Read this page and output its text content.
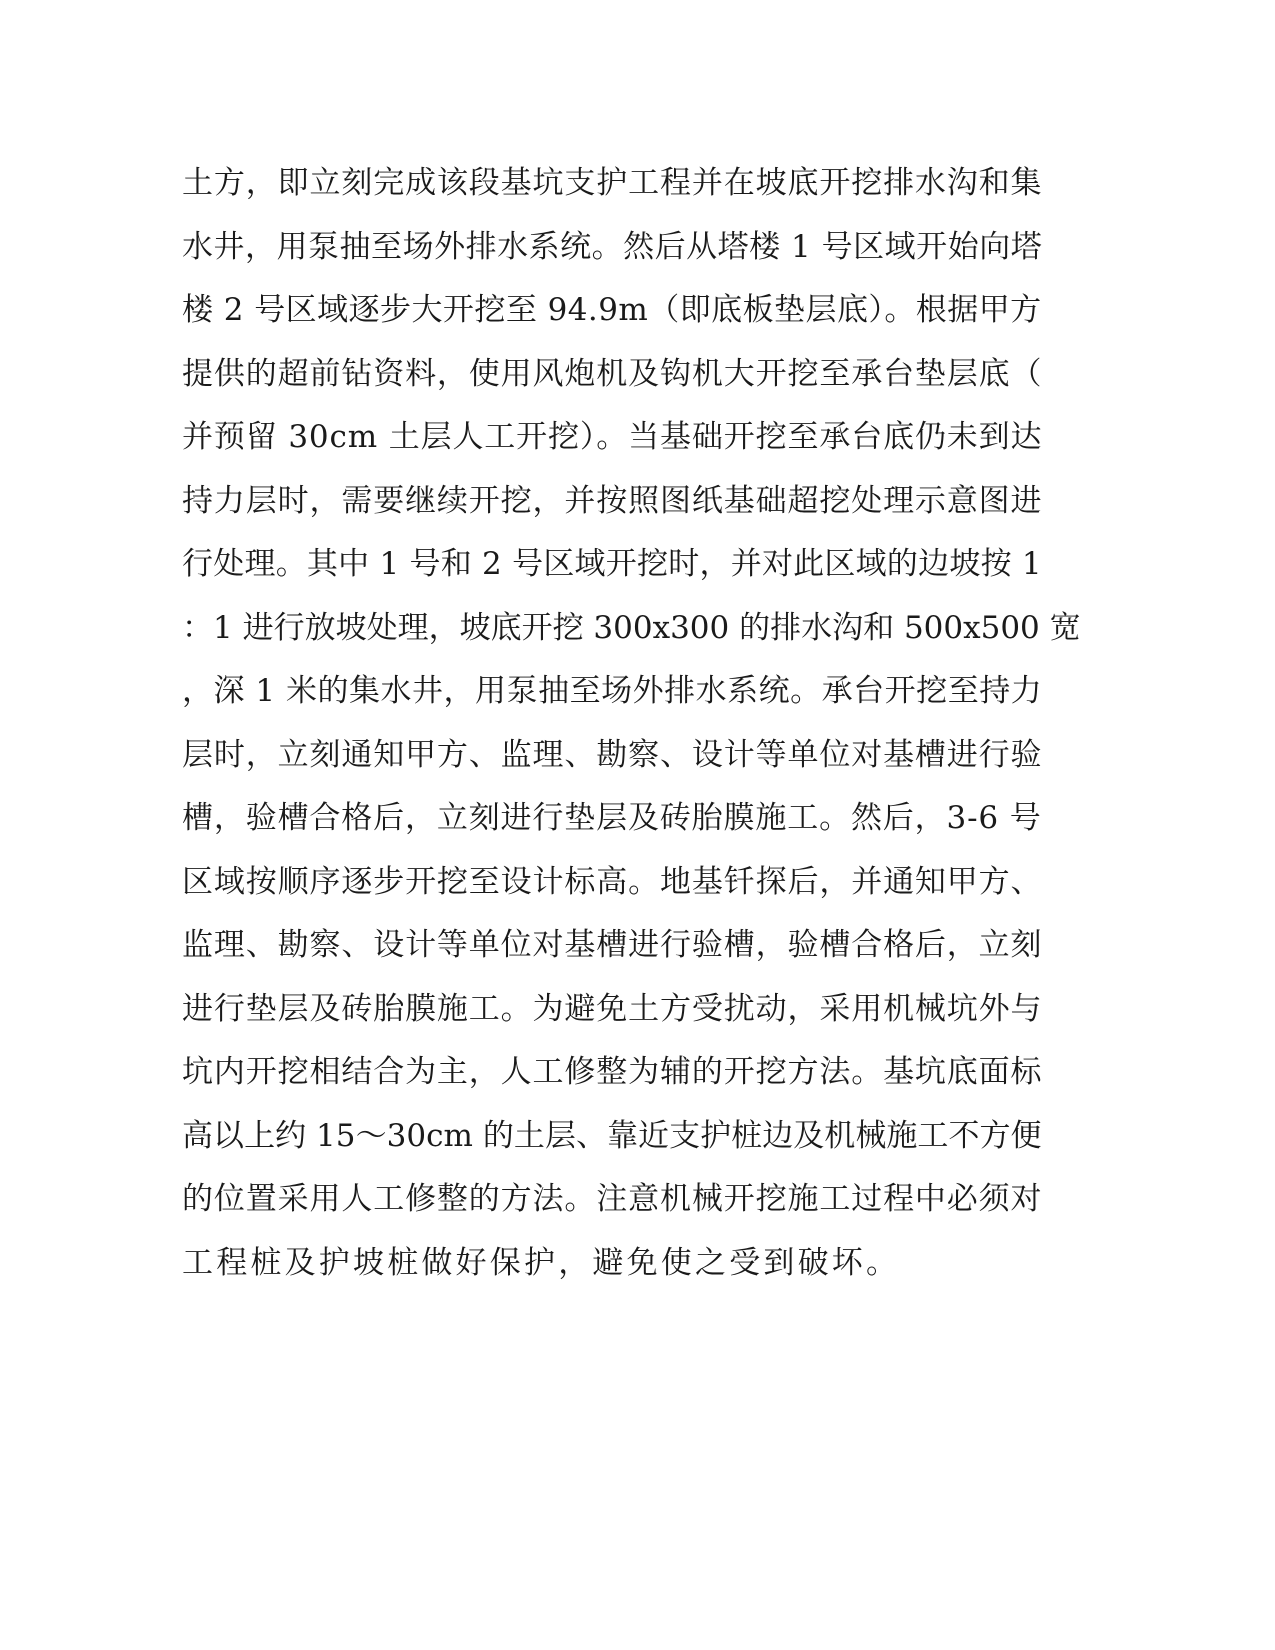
土方，即立刻完成该段基坑支护工程并在坡底开挖排水沟和集
水井，用泵抽至场外排水系统。然后从塔楼 1 号区域开始向塔
楼 2 号区域逐步大开挖至 94.9m（即底板垫层底）。根据甲方
提供的超前钻资料，使用风炮机及钩机大开挖至承台垫层底（
并预留 30cm 土层人工开挖）。当基础开挖至承台底仍未到达
持力层时，需要继续开挖，并按照图纸基础超挖处理示意图进
行处理。其中 1 号和 2 号区域开挖时，并对此区域的边坡按 1
：1 进行放坡处理，坡底开挖 300x300 的排水沟和 500x500 宽
，深 1 米的集水井，用泵抽至场外排水系统。承台开挖至持力
层时，立刻通知甲方、监理、勘察、设计等单位对基槽进行验
槽，验槽合格后，立刻进行垫层及砖胎膜施工。然后，3-6 号
区域按顺序逐步开挖至设计标高。地基钎探后，并通知甲方、
监理、勘察、设计等单位对基槽进行验槽，验槽合格后，立刻
进行垫层及砖胎膜施工。为避免土方受扰动，采用机械坑外与
坑内开挖相结合为主，人工修整为辅的开挖方法。基坑底面标
高以上约 15～30cm 的土层、靠近支护桩边及机械施工不方便
的位置采用人工修整的方法。注意机械开挖施工过程中必须对
工程桩及护坡桩做好保护，避免使之受到破坏。
